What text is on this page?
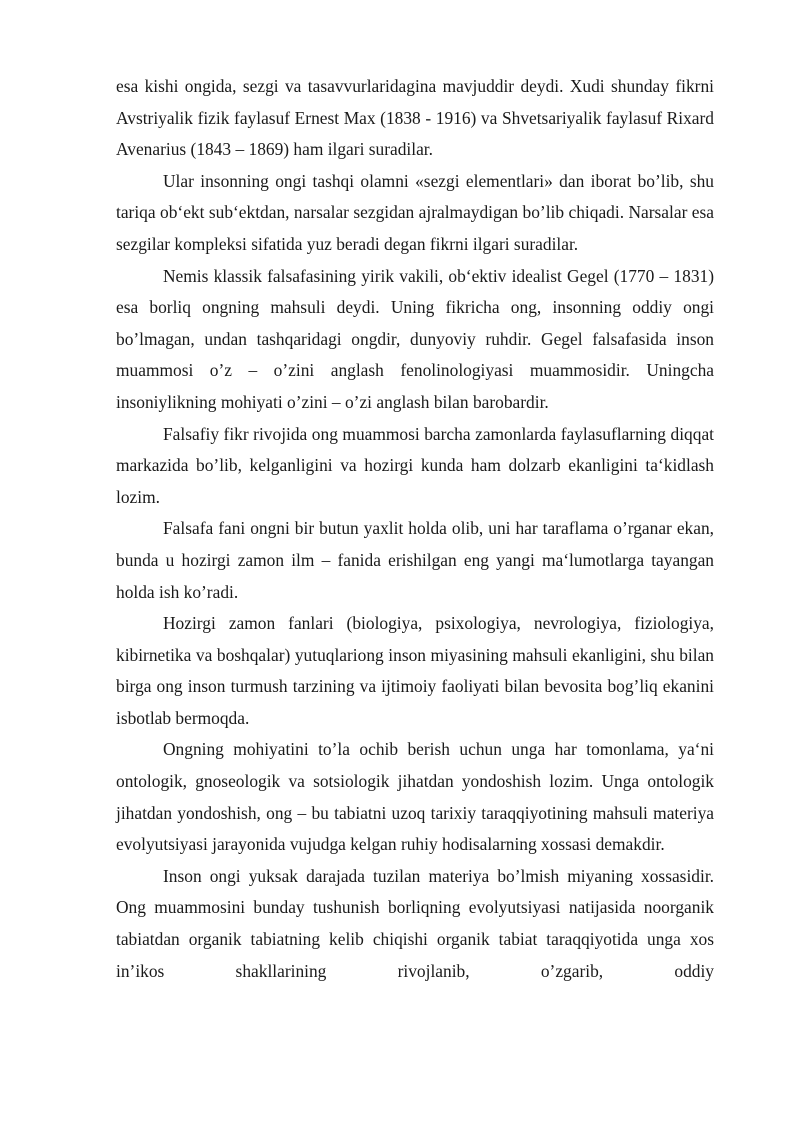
esa kishi ongida, sezgi va tasavvurlaridagina mavjuddir deydi. Xudi shunday fikrni Avstriyalik fizik faylasuf Ernest Max (1838 - 1916) va Shvetsariyalik faylasuf Rixard Avenarius (1843 – 1869) ham ilgari suradilar.

Ular insonning ongi tashqi olamni «sezgi elementlari» dan iborat bo’lib, shu tariqa ob‘ekt sub‘ektdan, narsalar sezgidan ajralmaydigan bo’lib chiqadi. Narsalar esa sezgilar kompleksi sifatida yuz beradi degan fikrni ilgari suradilar.

Nemis klassik falsafasining yirik vakili, ob‘ektiv idealist Gegel (1770 – 1831) esa borliq ongning mahsuli deydi. Uning fikricha ong, insonning oddiy ongi bo’lmagan, undan tashqaridagi ongdir, dunyoviy ruhdir. Gegel falsafasida inson muammosi o’z – o’zini anglash fenolinologiyasi muammosidir. Uningcha insoniylikning mohiyati o’zini – o’zi anglash bilan barobardir.

Falsafiy fikr rivojida ong muammosi barcha zamonlarda faylasuflarning diqqat markazida bo’lib, kelganligini va hozirgi kunda ham dolzarb ekanligini ta‘kidlash lozim.

Falsafa fani ongni bir butun yaxlit holda olib, uni har taraflama o’rganar ekan, bunda u hozirgi zamon ilm – fanida erishilgan eng yangi ma‘lumotlarga tayangan holda ish ko’radi.

Hozirgi zamon fanlari (biologiya, psixologiya, nevrologiya, fiziologiya, kibirnetika va boshqalar) yutuqlariong inson miyasining mahsuli ekanligini, shu bilan birga ong inson turmush tarzining va ijtimoiy faoliyati bilan bevosita bog’liq ekanini isbotlab bermoqda.

Ongning mohiyatini to’la ochib berish uchun unga har tomonlama, ya‘ni ontologik, gnoseologik va sotsiologik jihatdan yondoshish lozim. Unga ontologik jihatdan yondoshish, ong – bu tabiatni uzoq tarixiy taraqqiyotining mahsuli materiya evolyutsiyasi jarayonida vujudga kelgan ruhiy hodisalarning xossasi demakdir.

Inson ongi yuksak darajada tuzilan materiya bo’lmish miyaning xossasidir. Ong muammosini bunday tushunish borliqning evolyutsiyasi natijasida noorganik tabiatdan organik tabiatning kelib chiqishi organik tabiat taraqqiyotida unga xos in’ikos shakllarining rivojlanib, o’zgarib, oddiy
